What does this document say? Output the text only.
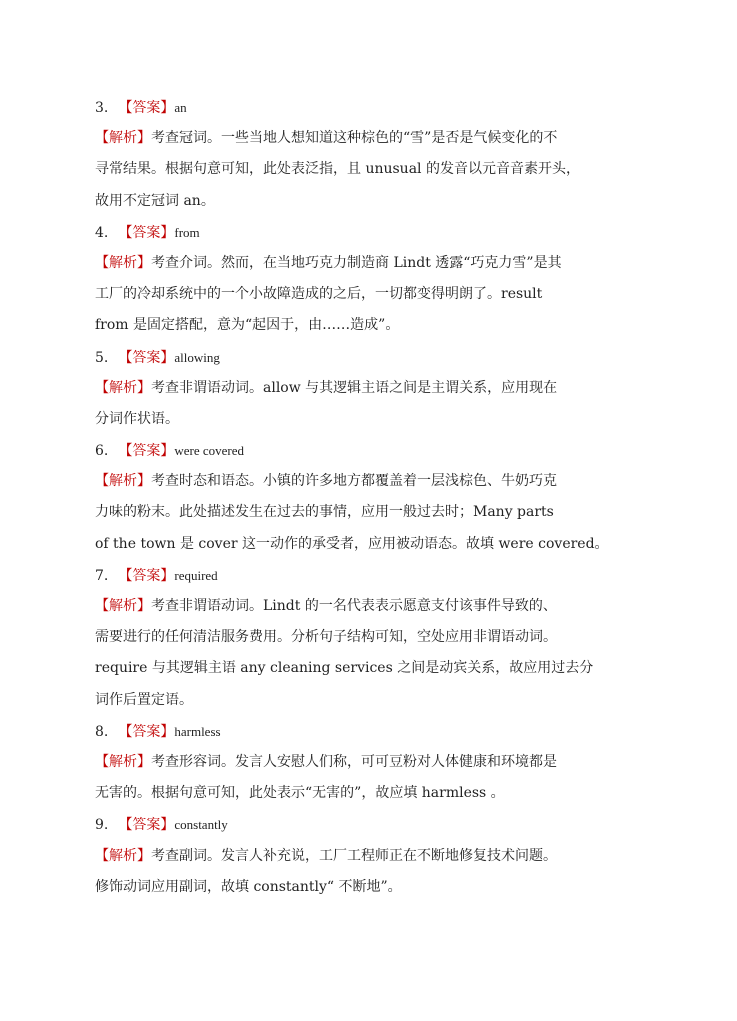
3. 【答案】an
【解析】考查冠词。一些当地人想知道这种棕色的“雪”是否是气候变化的不
寻常结果。根据句意可知，此处表泛指，且 unusual 的发音以元音音素开头，
故用不定冠词 an。
4. 【答案】from
【解析】考查介词。然而，在当地巧克力制造商 Lindt 透露“巧克力雪”是其
工厂的冷却系统中的一个小故障造成的之后，一切都变得明朗了。result
from 是固定搭配，意为“起因于，由……造成”。
5. 【答案】allowing
【解析】考查非谓语动词。allow 与其逻辑主语之间是主谓关系，应用现在
分词作状语。
6. 【答案】were covered
【解析】考查时态和语态。小镇的许多地方都覆盖着一层浅棕色、牛奶巧克
力味的粉末。此处描述发生在过去的事情，应用一般过去时；Many parts
of the town 是 cover 这一动作的承受者，应用被动语态。故填 were covered。
7. 【答案】required
【解析】考查非谓语动词。Lindt 的一名代表表示愿意支付该事件导致的、
需要进行的任何清洁服务费用。分析句子结构可知，空处应用非谓语动词。
require 与其逻辑主语 any cleaning services 之间是动宾关系，故应用过去分
词作后置定语。
8. 【答案】harmless
【解析】考查形容词。发言人安慰人们称，可可豆粉对人体健康和环境都是
无害的。根据句意可知，此处表示“无害的”，故应填 harmless 。
9. 【答案】constantly
【解析】考查副词。发言人补充说，工厂工程师正在不断地修复技术问题。
修饰动词应用副词，故填 constantly“ 不断地”。
